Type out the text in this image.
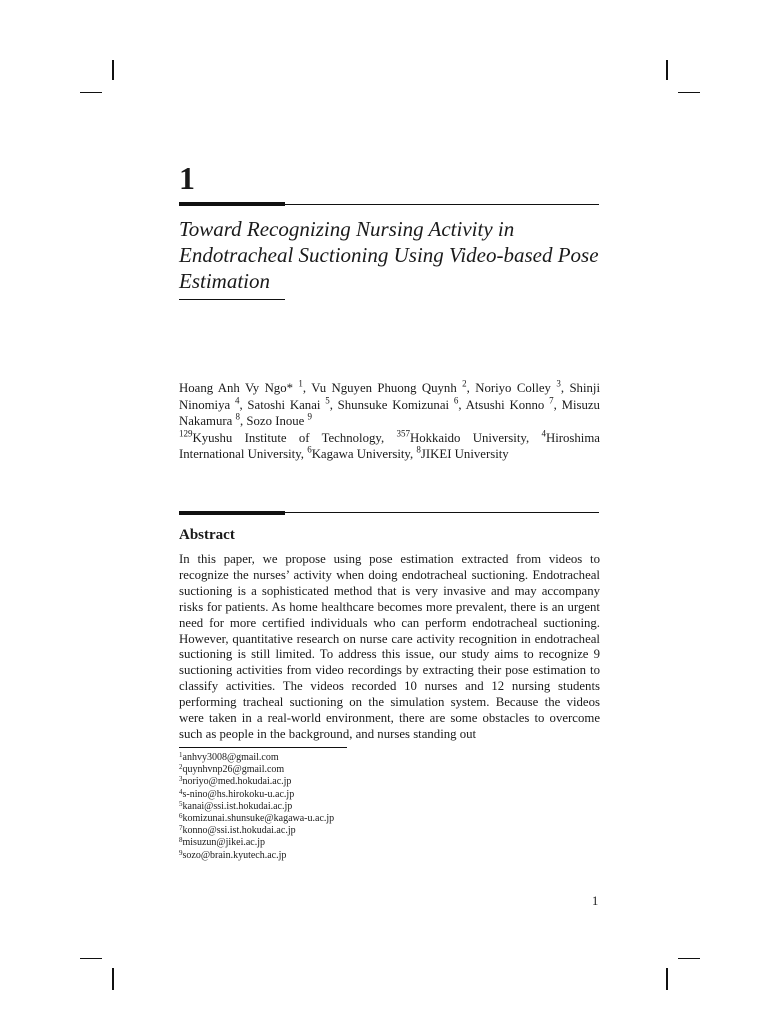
1
Toward Recognizing Nursing Activity in Endotracheal Suctioning Using Video-based Pose Estimation
Hoang Anh Vy Ngo* $^1$, Vu Nguyen Phuong Quynh $^2$, Noriyo Colley $^3$, Shinji Ninomiya $^4$, Satoshi Kanai $^5$, Shunsuke Komizunai $^6$, Atsushi Konno $^7$, Misuzu Nakamura $^8$, Sozo Inoue $^9$
$^{129}$Kyushu Institute of Technology, $^{357}$Hokkaido University, $^4$Hiroshima International University, $^6$Kagawa University, $^8$JIKEI University
Abstract
In this paper, we propose using pose estimation extracted from videos to recognize the nurses’ activity when doing endotracheal suctioning. Endotracheal suctioning is a sophisticated method that is very invasive and may accompany risks for patients. As home healthcare becomes more prevalent, there is an urgent need for more certified individuals who can perform endotracheal suctioning. However, quantitative research on nurse care activity recognition in endotracheal suctioning is still limited. To address this issue, our study aims to recognize 9 suctioning activities from video recordings by extracting their pose estimation to classify activities. The videos recorded 10 nurses and 12 nursing students performing tracheal suctioning on the simulation system. Because the videos were taken in a real-world environment, there are some obstacles to overcome such as people in the background, and nurses standing out
$^1$anhvy3008@gmail.com
$^2$quynhvnp26@gmail.com
$^3$noriyo@med.hokudai.ac.jp
$^4$s-nino@hs.hirokoku-u.ac.jp
$^5$kanai@ssi.ist.hokudai.ac.jp
$^6$komizunai.shunsuke@kagawa-u.ac.jp
$^7$konno@ssi.ist.hokudai.ac.jp
$^8$misuzun@jikei.ac.jp
$^9$sozo@brain.kyutech.ac.jp
1
